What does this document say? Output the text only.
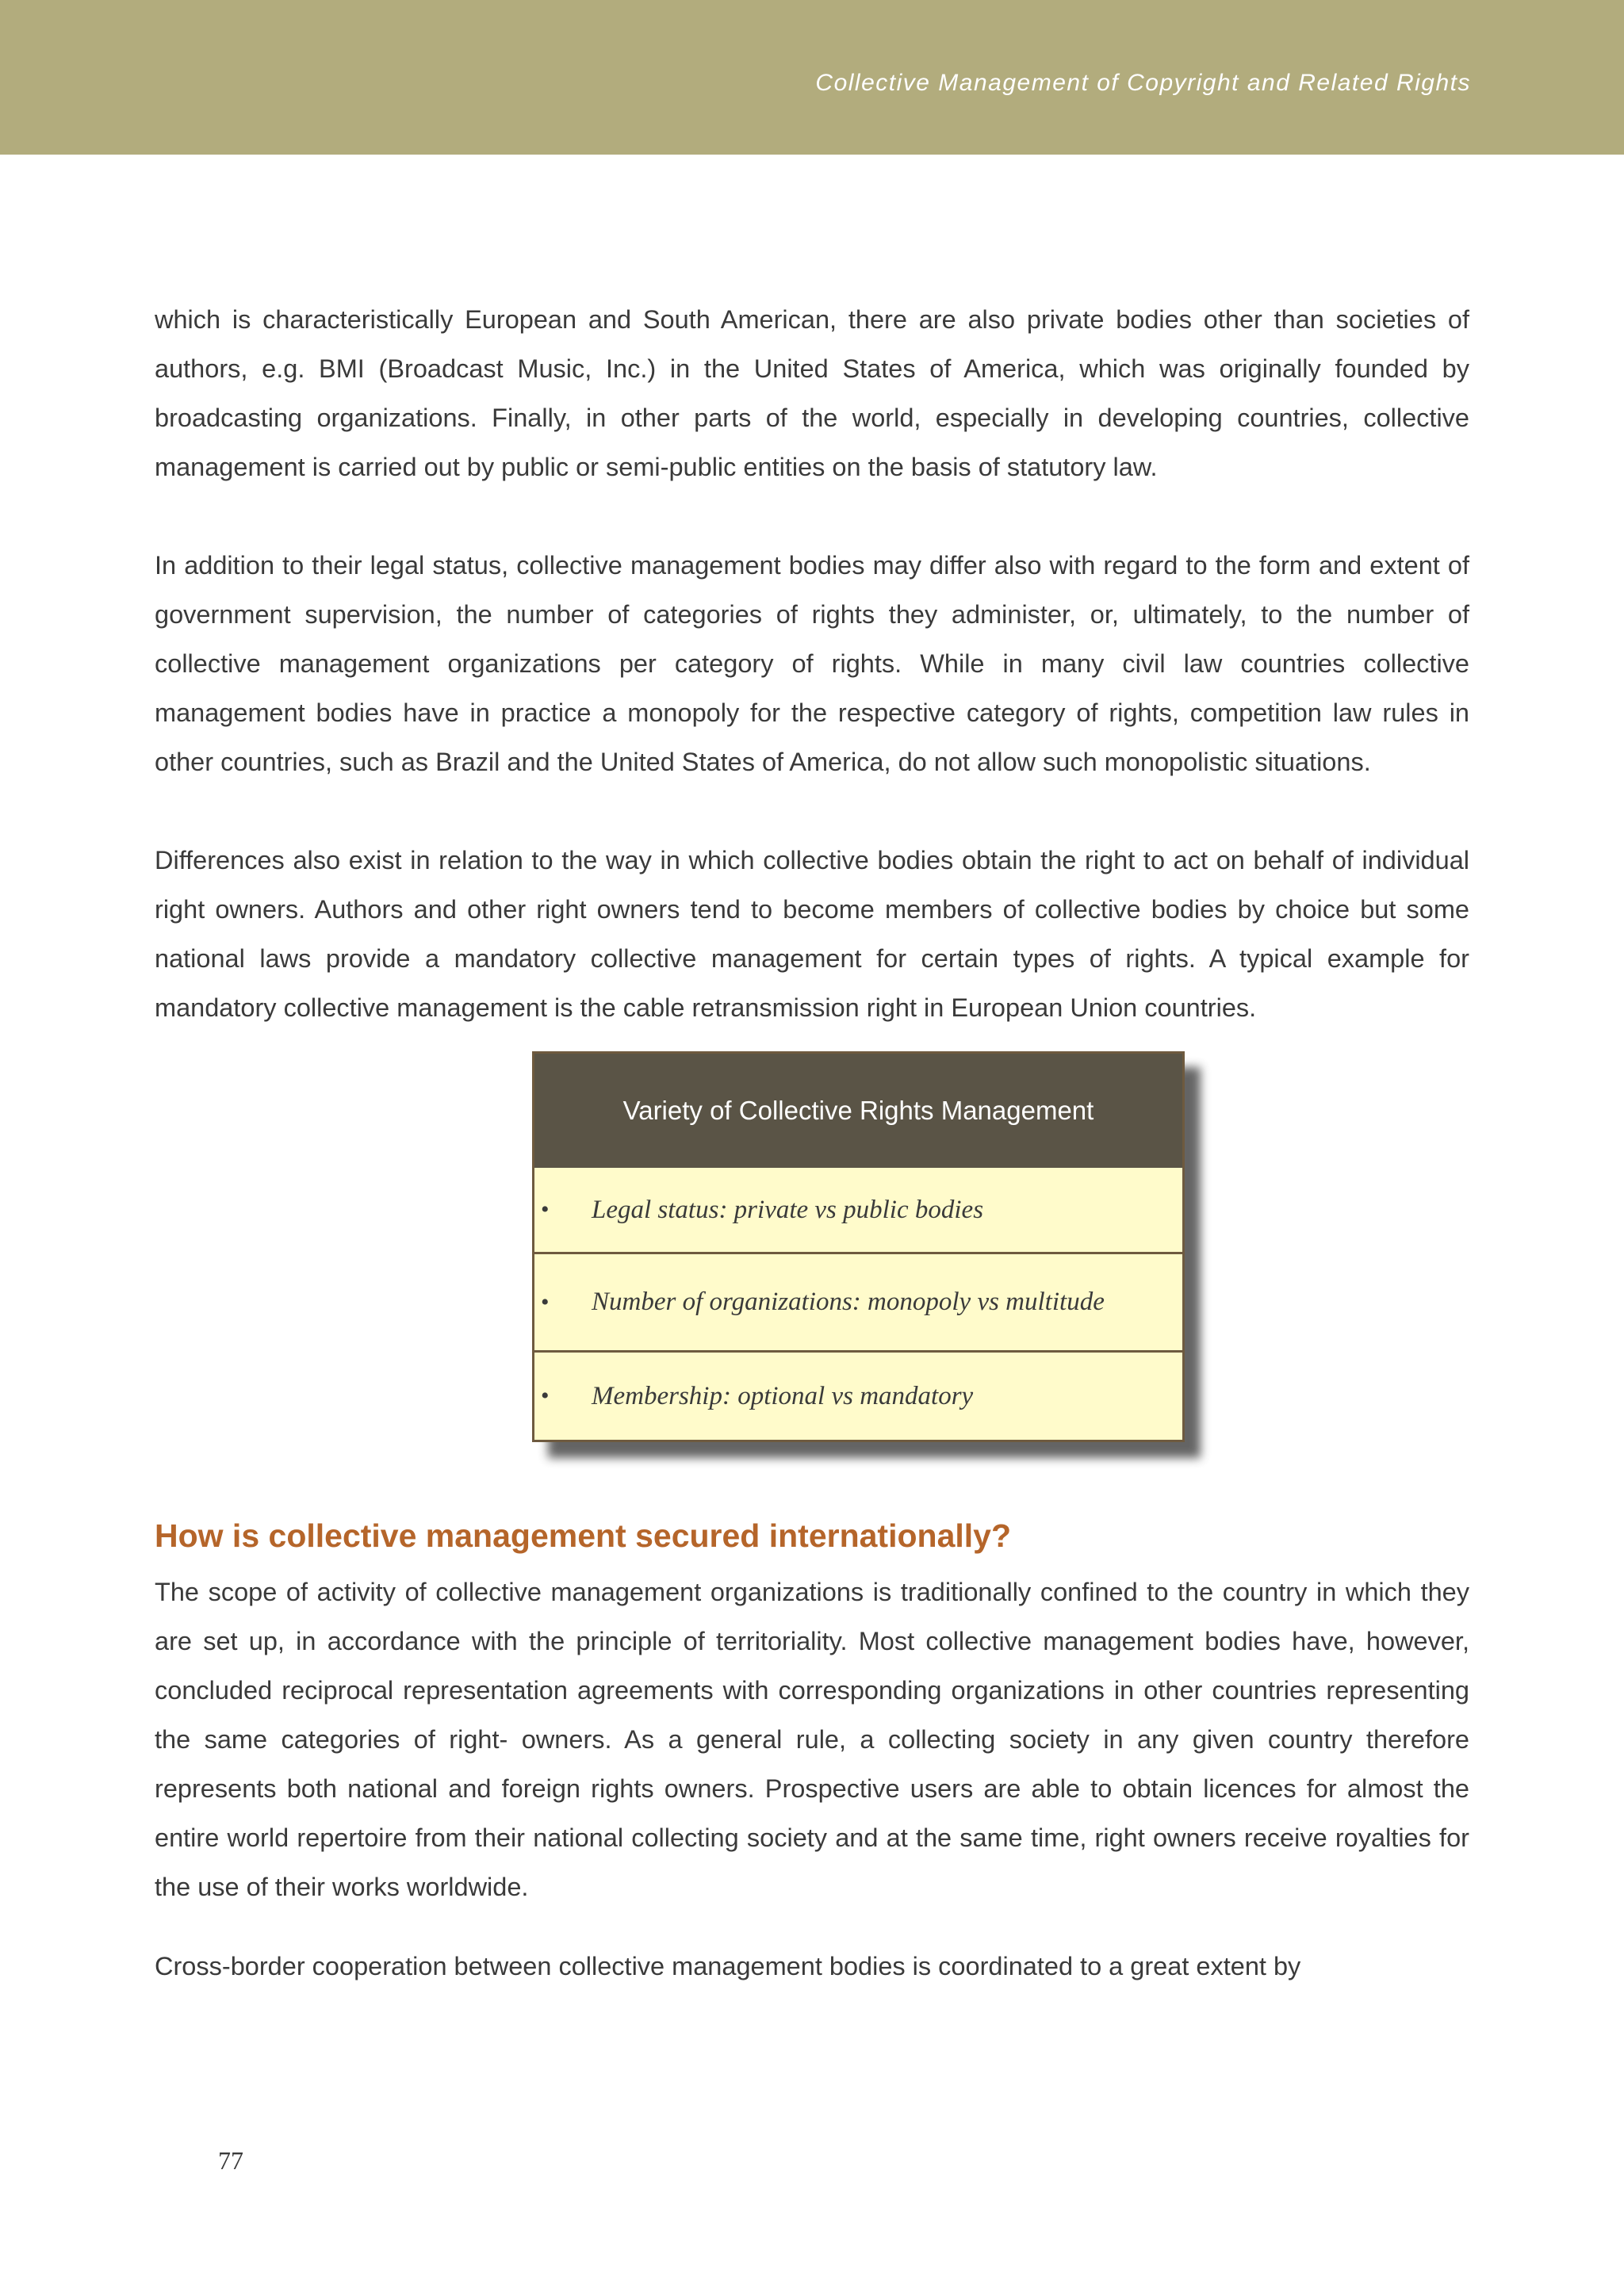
Collective Management of Copyright and Related Rights

which is characteristically European and South American, there are also private bodies other than societies of authors, e.g. BMI (Broadcast Music, Inc.) in the United States of America, which was originally founded by broadcasting organizations. Finally, in other parts of the world, especially in developing countries, collective management is carried out by public or semi-public entities on the basis of statutory law.

In addition to their legal status, collective management bodies may differ also with regard to the form and extent of government supervision, the number of categories of rights they administer, or, ultimately, to the number of collective management organizations per category of rights. While in many civil law countries collective management bodies have in practice a monopoly for the respective category of rights, competition law rules in other countries, such as Brazil and the United States of America, do not allow such monopolistic situations.

Differences also exist in relation to the way in which collective bodies obtain the right to act on behalf of individual right owners. Authors and other right owners tend to become members of collective bodies by choice but some national laws provide a mandatory collective management for certain types of rights. A typical example for mandatory collective management is the cable retransmission right in European Union countries.

Variety of Collective Rights Management
• Legal status: private vs public bodies
• Number of organizations: monopoly vs multitude
• Membership: optional vs mandatory
How is collective management secured internationally?

The scope of activity of collective management organizations is traditionally confined to the country in which they are set up, in accordance with the principle of territoriality. Most collective management bodies have, however, concluded reciprocal representation agreements with corresponding organizations in other countries representing the same categories of right- owners. As a general rule, a collecting society in any given country therefore represents both national and foreign rights owners. Prospective users are able to obtain licences for almost the entire world repertoire from their national collecting society and at the same time, right owners receive royalties for the use of their works worldwide.

Cross-border cooperation between collective management bodies is coordinated to a great extent by

77
